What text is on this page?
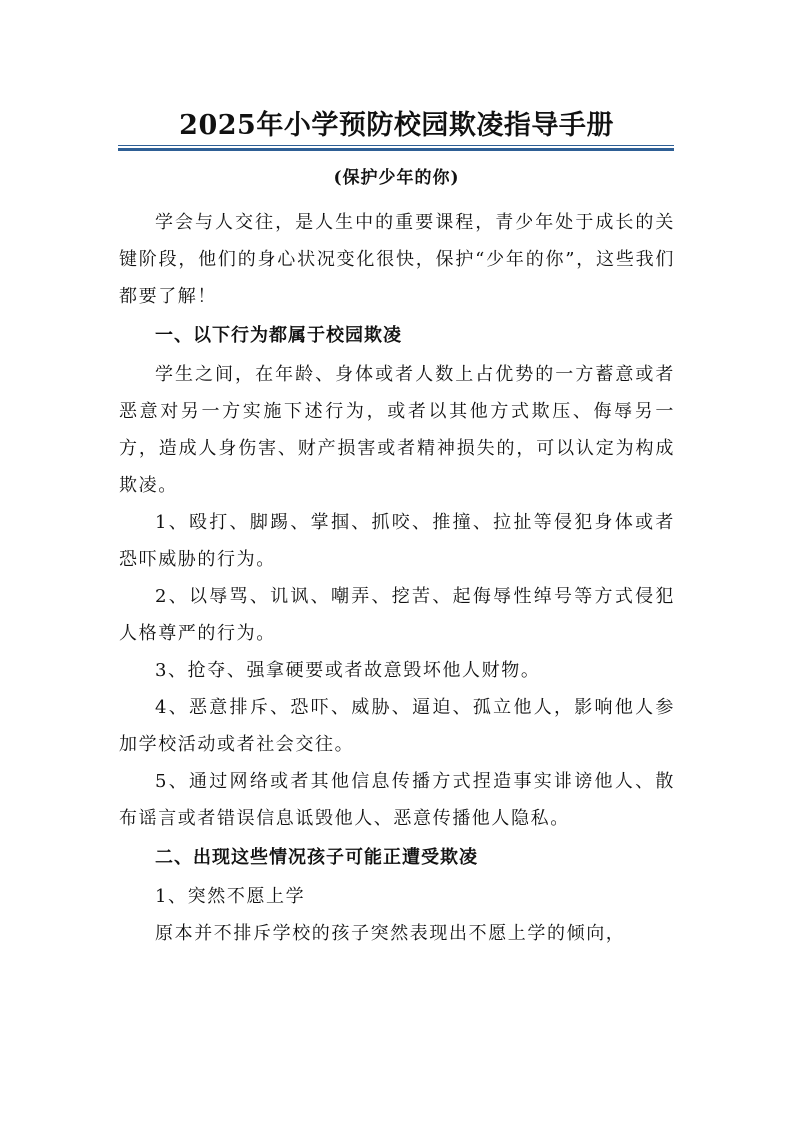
2025年小学预防校园欺凌指导手册
(保护少年的你)

学会与人交往，是人生中的重要课程，青少年处于成长的关键阶段，他们的身心状况变化很快，保护“少年的你”，这些我们都要了解！

一、以下行为都属于校园欺凌

学生之间，在年龄、身体或者人数上占优势的一方蓄意或者恶意对另一方实施下述行为，或者以其他方式欺压、侮辱另一方，造成人身伤害、财产损害或者精神损失的，可以认定为构成欺凌。

1、殴打、脚踢、掌掴、抓咬、推撞、拉扯等侵犯身体或者恐吓威胁的行为。

2、以辱骂、讥讽、嘲弄、挖苦、起侮辱性绰号等方式侵犯人格尊严的行为。

3、抢夺、强拿硬要或者故意毁坏他人财物。

4、恶意排斥、恐吓、威胁、逼迫、孤立他人，影响他人参加学校活动或者社会交往。

5、通过网络或者其他信息传播方式捏造事实诽谤他人、散布谣言或者错误信息诋毁他人、恶意传播他人隐私。

二、出现这些情况孩子可能正遭受欺凌

1、突然不愿上学

原本并不排斥学校的孩子突然表现出不愿上学的倾向，
